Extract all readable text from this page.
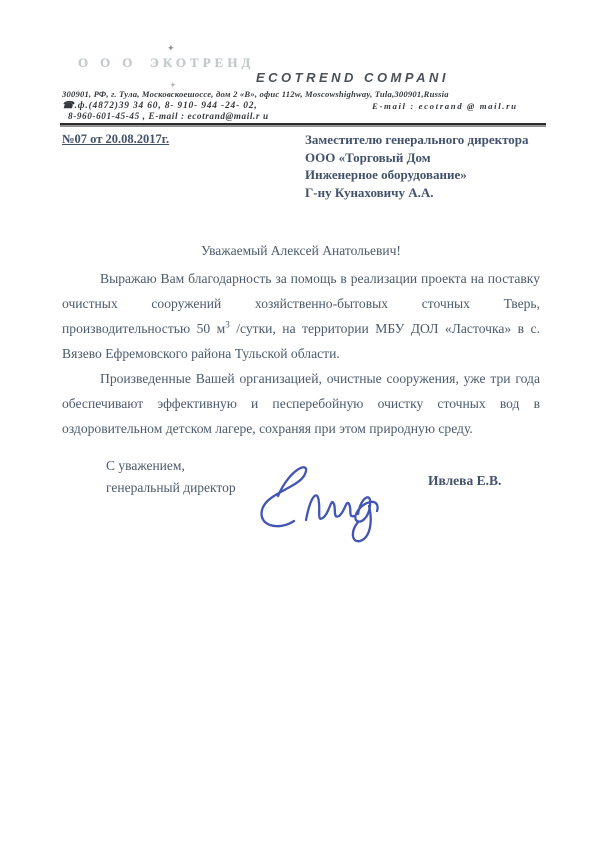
ООО ЭКОТРЕНД
✦
✦	ECOTREND COMPANI
300901, РФ, г. Тула, Московскоешоссе, дом 2 «В», офис 112w, Moscowshighway, Tula,300901,Russia
☎.ф.(4872)39 34 60, 8- 910- 944 -24- 02,	E-mail : ecotrand @ mail.ru
8-960-601-45-45 , E-mail : ecotrand@mail.r u
№07 от 20.08.2017г.	Заместителю генерального директора
ООО «Торговый Дом
Инженерное оборудование»
Г-ну Кунаховичу А.А.
Уважаемый Алексей Анатольевич!

Выражаю Вам благодарность за помощь в реализации проекта на поставку очистных сооружений хозяйственно-бытовых сточных Тверь, производительностью 50 $м^3$ /сутки, на территории МБУ ДОЛ «Ласточка» в с. Вязево Ефремовского района Тульской области.

Произведенные Вашей организацией, очистные сооружения, уже три года обеспечивают эффективную и песперебойную очистку сточных вод в оздоровительном детском лагере, сохраняя при этом природную среду.

С уважением,
генеральный директор	Ивлева Е.В.
